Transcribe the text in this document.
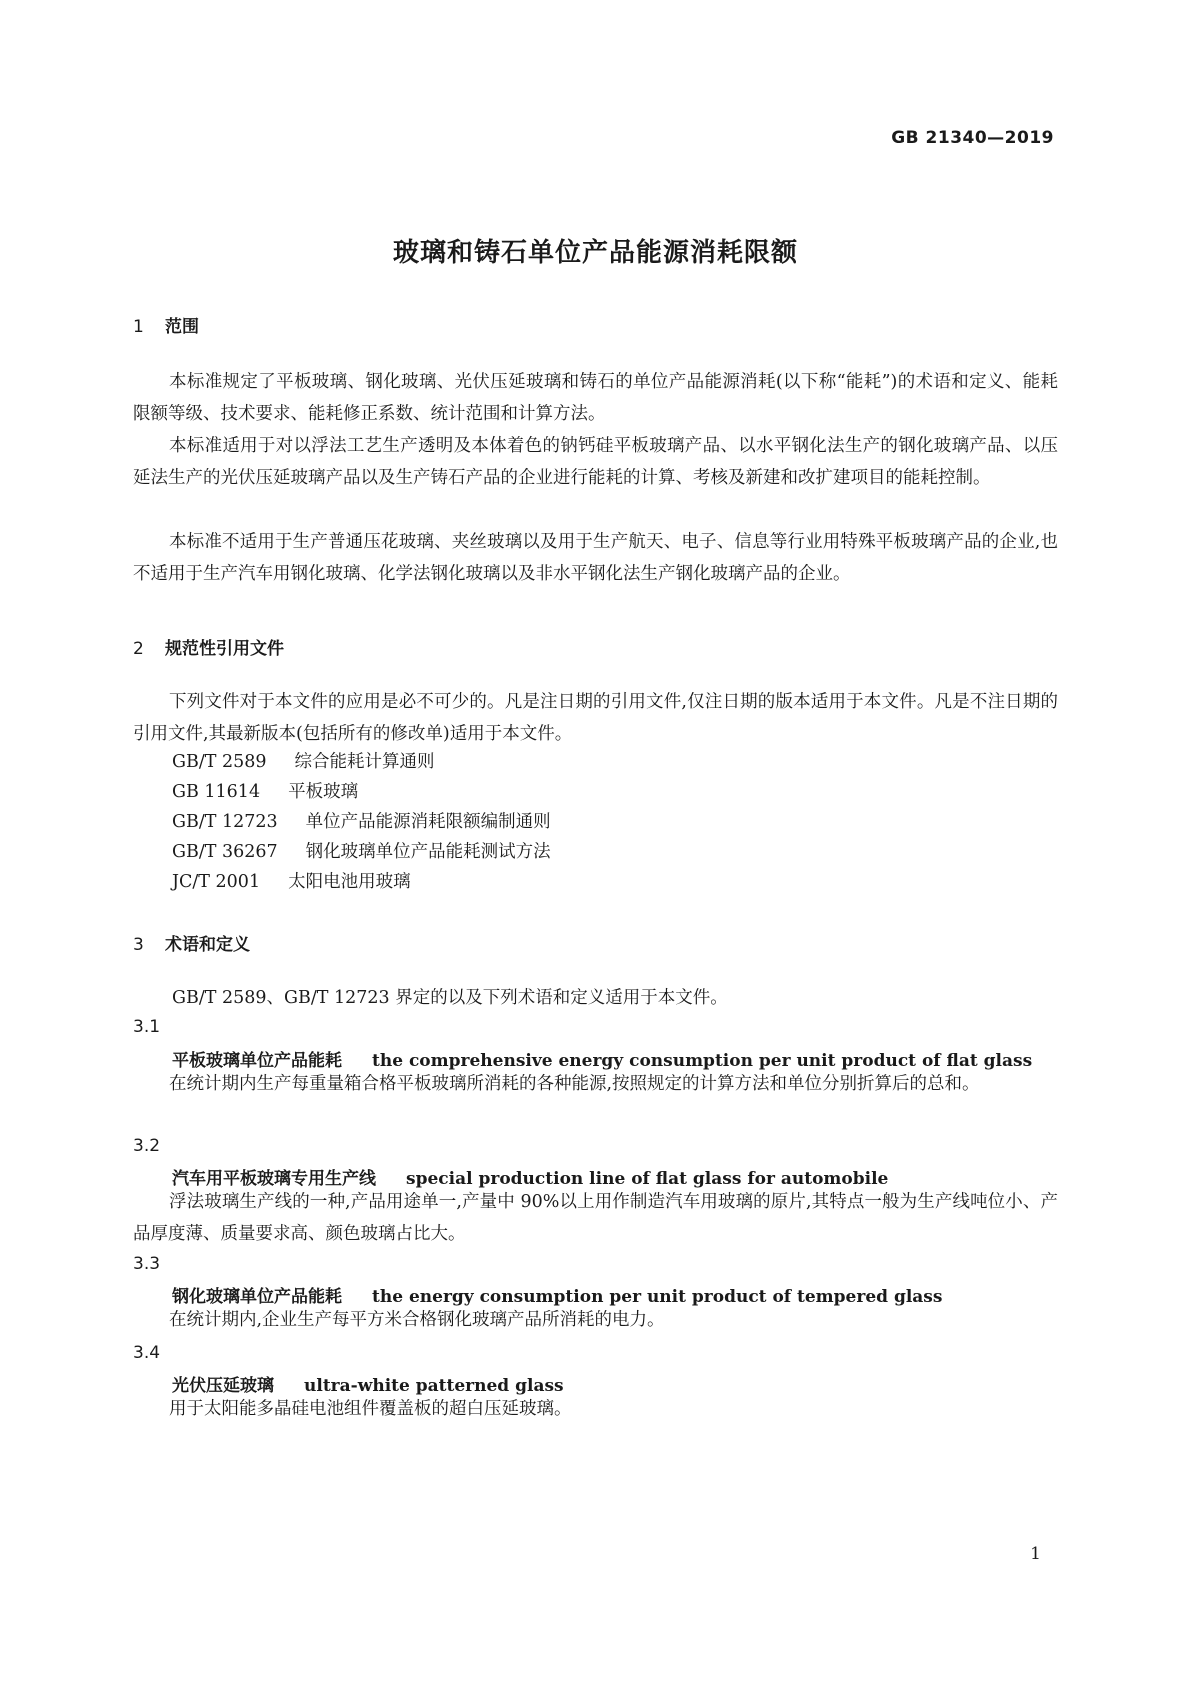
GB 21340—2019
玻璃和铸石单位产品能源消耗限额
1 范围
本标准规定了平板玻璃、钢化玻璃、光伏压延玻璃和铸石的单位产品能源消耗(以下称“能耗”)的术语和定义、能耗限额等级、技术要求、能耗修正系数、统计范围和计算方法。
本标准适用于对以浮法工艺生产透明及本体着色的钠钙硅平板玻璃产品、以水平钢化法生产的钢化玻璃产品、以压延法生产的光伏压延玻璃产品以及生产铸石产品的企业进行能耗的计算、考核及新建和改扩建项目的能耗控制。
本标准不适用于生产普通压花玻璃、夹丝玻璃以及用于生产航天、电子、信息等行业用特殊平板玻璃产品的企业,也不适用于生产汽车用钢化玻璃、化学法钢化玻璃以及非水平钢化法生产钢化玻璃产品的企业。
2 规范性引用文件
下列文件对于本文件的应用是必不可少的。凡是注日期的引用文件,仅注日期的版本适用于本文件。凡是不注日期的引用文件,其最新版本(包括所有的修改单)适用于本文件。
GB/T 2589 综合能耗计算通则
GB 11614 平板玻璃
GB/T 12723 单位产品能源消耗限额编制通则
GB/T 36267 钢化玻璃单位产品能耗测试方法
JC/T 2001 太阳电池用玻璃
3 术语和定义
GB/T 2589、GB/T 12723 界定的以及下列术语和定义适用于本文件。
3.1
平板玻璃单位产品能耗 the comprehensive energy consumption per unit product of flat glass
在统计期内生产每重量箱合格平板玻璃所消耗的各种能源,按照规定的计算方法和单位分别折算后的总和。
3.2
汽车用平板玻璃专用生产线 special production line of flat glass for automobile
浮法玻璃生产线的一种,产品用途单一,产量中 90%以上用作制造汽车用玻璃的原片,其特点一般为生产线吨位小、产品厚度薄、质量要求高、颜色玻璃占比大。
3.3
钢化玻璃单位产品能耗 the energy consumption per unit product of tempered glass
在统计期内,企业生产每平方米合格钢化玻璃产品所消耗的电力。
3.4
光伏压延玻璃 ultra-white patterned glass
用于太阳能多晶硅电池组件覆盖板的超白压延玻璃。
1
